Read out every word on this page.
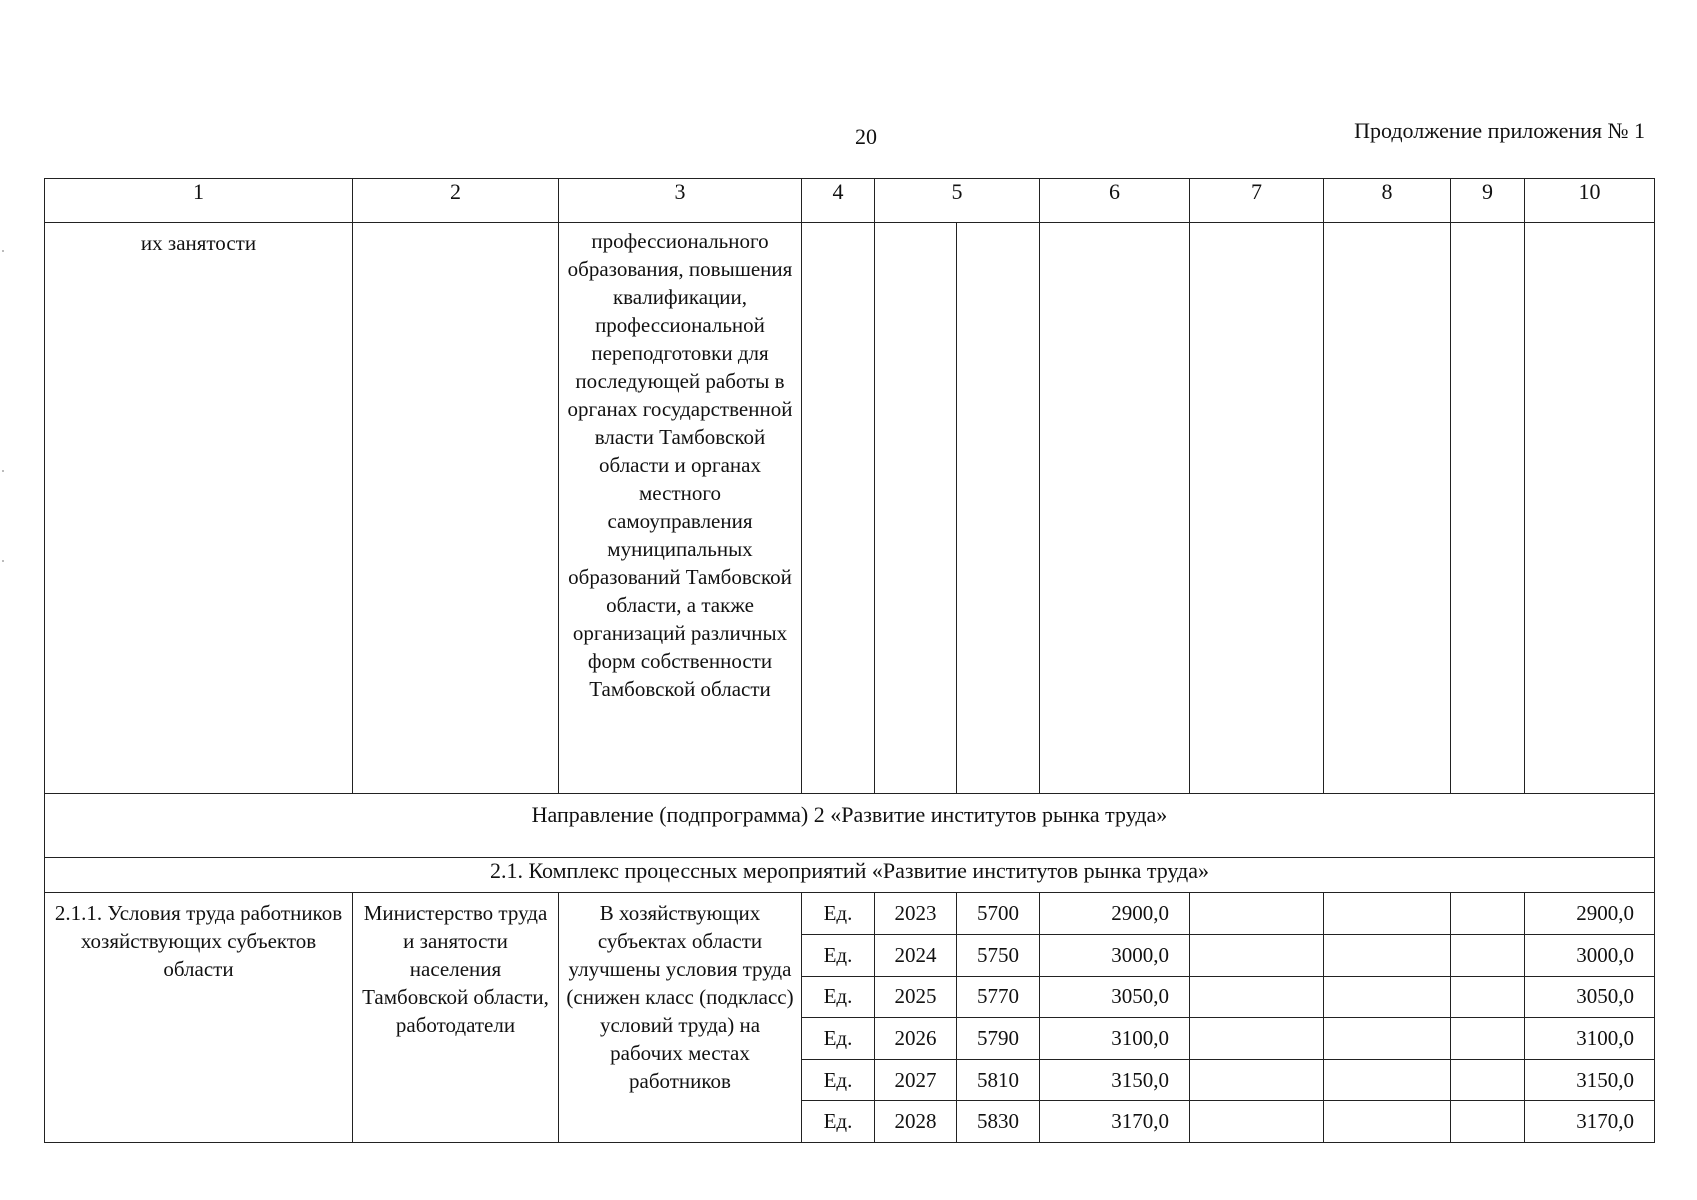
20	Продолжение приложения № 1
1	2	3	4	5		6	7	8	9	10

их занятости		профессионального образования, повышения квалификации, профессиональной переподготовки для последующей работы в органах государственной власти Тамбовской области и органах местного самоуправления муниципальных образований Тамбовской области, а также организаций различных форм собственности Тамбовской области								

Направление (подпрограмма) 2 «Развитие институтов рынка труда»										

2.1. Комплекс процессных мероприятий «Развитие институтов рынка труда»										

2.1.1. Условия труда работников хозяйствующих субъектов области	Министерство труда и занятости населения Тамбовской области, работодатели	В хозяйствующих субъектах области улучшены условия труда (снижен класс (подкласс) условий труда) на рабочих местах работников	Ед.	2023	5700	2900,0				2900,0
			Ед.	2024	5750	3000,0				3000,0
			Ед.	2025	5770	3050,0				3050,0
			Ед.	2026	5790	3100,0				3100,0
			Ед.	2027	5810	3150,0				3150,0
			Ед.	2028	5830	3170,0				3170,0
